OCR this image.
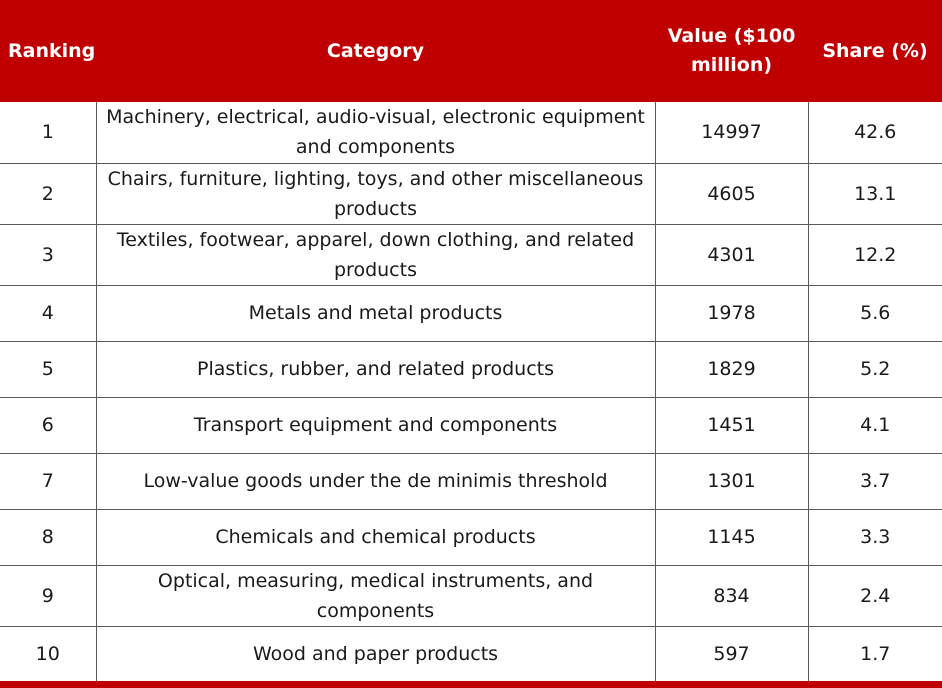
Ranking	Category	Value ($100 million)	Share (%)
1	Machinery, electrical, audio-visual, electronic equipment and components	14997	42.6
2	Chairs, furniture, lighting, toys, and other miscellaneous products	4605	13.1
3	Textiles, footwear, apparel, down clothing, and related products	4301	12.2
4	Metals and metal products	1978	5.6
5	Plastics, rubber, and related products	1829	5.2
6	Transport equipment and components	1451	4.1
7	Low-value goods under the de minimis threshold	1301	3.7
8	Chemicals and chemical products	1145	3.3
9	Optical, measuring, medical instruments, and components	834	2.4
10	Wood and paper products	597	1.7
